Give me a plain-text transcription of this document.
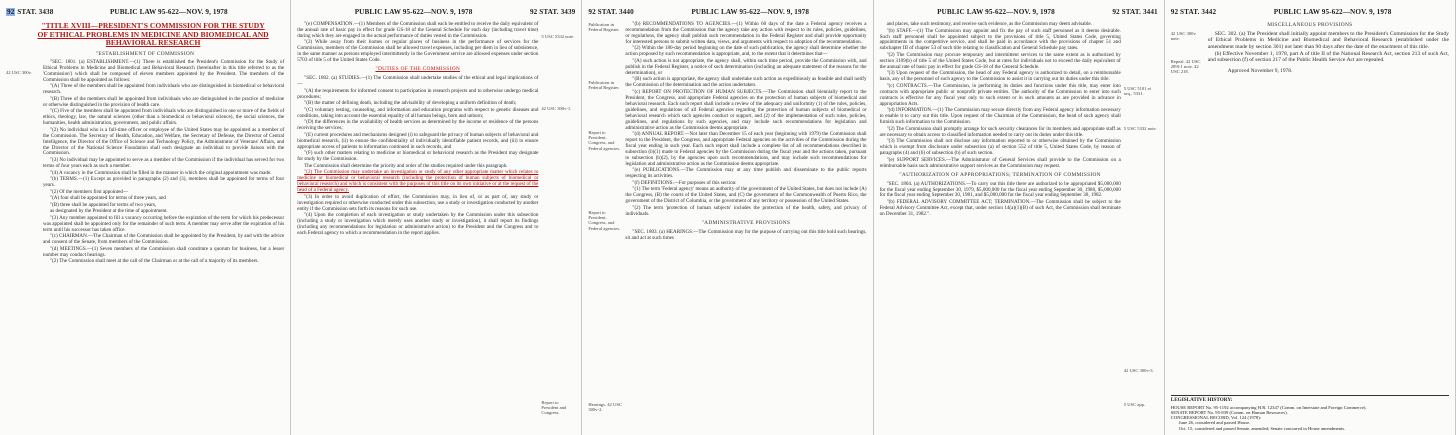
92 STAT. 3438	PUBLIC LAW 95-622—NOV. 9, 1978
"TITLE XVIII—PRESIDENT'S COMMISSION FOR THE STUDY OF ETHICAL PROBLEMS IN MEDICINE AND BIOMEDICAL AND BEHAVIORAL RESEARCH
"ESTABLISHMENT OF COMMISSION
42 USC 300v.

"SEC. 1801. (a) ESTABLISHMENT.—(1) There is established the President's Commission for the Study of Ethical Problems in Medicine and Biomedical and Behavioral Research (hereinafter in this title referred to as the 'Commission') which shall be composed of eleven members appointed by the President. The members of the Commission shall be appointed as follows:

"(A) Three of the members shall be appointed from individuals who are distinguished in biomedical or behavioral research.

"(B) Three of the members shall be appointed from individuals who are distinguished in the practice of medicine or otherwise distinguished in the provision of health care.

"(C) Five of the members shall be appointed from individuals who are distinguished in one or more of the fields of ethics, theology, law, the natural sciences (other than a biomedical or behavioral science), the social sciences, the humanities, health administration, government, and public affairs.

"(2) No individual who is a full-time officer or employee of the United States may be appointed as a member of the Commission. The Secretary of Health, Education, and Welfare, the Secretary of Defense, the Director of Central Intelligence, the Director of the Office of Science and Technology Policy, the Administrator of Veterans' Affairs, and the Director of the National Science Foundation shall each designate an individual to provide liaison with the Commission.

"(3) No individual may be appointed to serve as a member of the Commission if the individual has served for two terms of four years each as such a member.

"(4) A vacancy in the Commission shall be filled in the manner in which the original appointment was made.

"(b) TERMS.—(1) Except as provided in paragraphs (2) and (3), members shall be appointed for terms of four years.

"(2) Of the members first appointed—

"(A) four shall be appointed for terms of three years, and

"(B) three shall be appointed for terms of two years,

as designated by the President at the time of appointment.

"(3) Any member appointed to fill a vacancy occurring before the expiration of the term for which his predecessor was appointed shall be appointed only for the remainder of such term. A member may serve after the expiration of his term until his successor has taken office.

"(c) CHAIRMAN.—The Chairman of the Commission shall be appointed by the President, by and with the advice and consent of the Senate, from members of the Commission.

"(d) MEETINGS.—(1) Seven members of the Commission shall constitute a quorum for business, but a lesser number may conduct hearings.

"(2) The Commission shall meet at the call of the Chairman or at the call of a majority of its members.

PUBLIC LAW 95-622—NOV. 9, 1978	92 STAT. 3439

"(e) COMPENSATION.—(1) Members of the Commission shall each be entitled to receive the daily equivalent of the annual rate of basic pay in effect for grade GS-18 of the General Schedule for each day (including travel time) during which they are engaged in the actual performance of duties vested in the Commission.

"(2) While away from their homes or regular places of business in the performance of services for the Commission, members of the Commission shall be allowed travel expenses, including per diem in lieu of subsistence, in the same manner as persons employed intermittently in the Government service are allowed expenses under section 5703 of title 5 of the United States Code.

"DUTIES OF THE COMMISSION

"SEC. 1802. (a) STUDIES.—(1) The Commission shall undertake studies of the ethical and legal implications of—

"(A) the requirements for informed consent to participation in research projects and to otherwise undergo medical procedures;

"(B) the matter of defining death, including the advisability of developing a uniform definition of death;

"(C) voluntary testing, counseling, and information and education programs with respect to genetic diseases and conditions, taking into account the essential equality of all human beings, born and unborn;

"(D) the differences in the availability of health services as determined by the income or residence of the persons receiving the services;

"(E) current procedures and mechanisms designed (i) to safeguard the privacy of human subjects of behavioral and biomedical research, (ii) to ensure the confidentiality of individually identifiable patient records, and (iii) to ensure appropriate access of patients to information continued in such records, and

"(F) such other matters relating to medicine or biomedical or behavioral research as the President may designate for study by the Commission.

The Commission shall determine the priority and order of the studies required under this paragraph.

"(2) The Commission may undertake an investigation or study of any other appropriate matter which relates to medicine or biomedical or behavioral research (including the protection of human subjects of biomedical or behavioral research) and which is consistent with the purposes of this title on its own initiative or at the request of the head of a Federal agency.

"(3) In order to avoid duplication of effort, the Commission may, in lieu of, or as part of, any study or investigation required or otherwise conducted under this subsection, use a study or investigation conducted by another entity if the Commission sets forth its reasons for such use.

"(4) Upon the completion of each investigation or study undertaken by the Commission under this subsection (including a study or investigation which merely uses another study or investigation), it shall report its findings (including any recommendations for legislation or administrative action) to the President and the Congress and to each Federal agency to which a recommendation in the report applies.

5 USC 5332 note.
42 USC 300v-1.
Report to President and Congress.
92 STAT. 3440	PUBLIC LAW 95-622—NOV. 9, 1978
Publication in Federal Register.
Publication in Federal Register.
Report to President, Congress, and Federal agencies.
Report to President, Congress, and Federal agencies.
Hearings. 42 USC 300v-2.

"(b) RECOMMENDATIONS TO AGENCIES.—(1) Within 60 days of the date a Federal agency receives a recommendation from the Commission that the agency take any action with respect to its rules, policies, guidelines, or regulations, the agency shall publish such recommendation in the Federal Register and shall provide opportunity for interested persons to submit written data, views, and arguments with respect to adoption of the recommendation.

"(2) Within the 180-day period beginning on the date of such publication, the agency shall determine whether the action proposed by such recommendation is appropriate, and, to the extent that it determines that—

"(A) such action is not appropriate, the agency shall, within such time period, provide the Commission with, and publish in the Federal Register, a notice of such determination (including an adequate statement of the reasons for the determination), or

"(B) such action is appropriate, the agency shall undertake such action as expeditiously as feasible and shall notify the Commission of the determination and the action undertaken.

"(c) REPORT ON PROTECTION OF HUMAN SUBJECTS.—The Commission shall biennially report to the President, the Congress, and appropriate Federal agencies on the protection of human subjects of biomedical and behavioral research. Each such report shall include a review of the adequacy and uniformity (1) of the rules, policies, guidelines, and regulations of all Federal agencies regarding the protection of human subjects of biomedical or behavioral research which such agencies conduct or support, and (2) of the implementation of such rules, policies, guidelines, and regulations by such agencies, and may include such recommendations for legislation and administrative action as the Commission deems appropriate.

"(d) ANNUAL REPORT.—Not later than December 15 of each year (beginning with 1979) the Commission shall report to the President, the Congress, and appropriate Federal agencies on the activities of the Commission during the fiscal year ending in such year. Each such report shall include a complete list of all recommendations described in subsection (b)(1) made to Federal agencies by the Commission during the fiscal year and the actions taken, pursuant to subsection (b)(2), by the agencies upon such recommendations, and may include such recommendations for legislation and administrative action as the Commission deems appropriate.

"(e) PUBLICATIONS.—The Commission may at any time publish and disseminate to the public reports respecting its activities.

"(f) DEFINITIONS.—For purposes of this section:

"(1) The term 'Federal agency' means an authority of the government of the United States, but does not include (A) the Congress, (B) the courts of the United States, and (C) the government of the Commonwealth of Puerto Rico, the government of the District of Columbia, or the government of any territory or possession of the United States.

"(2) The term 'protection of human subjects' includes the protection of the health, safety, and privacy of individuals.

"ADMINISTRATIVE PROVISIONS

"SEC. 1803. (a) HEARINGS.—The Commission may for the purpose of carrying out this title hold such hearings, sit and act at such times

PUBLIC LAW 95-622—NOV. 9, 1978	92 STAT. 3441

and places, take such testimony, and receive such evidence, as the Commission may deem advisable.

"(b) STAFF.—(1) The Commission may appoint and fix the pay of such staff personnel as it deems desirable. Such staff personnel shall be appointed subject to the provisions of title 5, United States Code, governing appointments in the competitive service, and shall be paid in accordance with the provisions of chapter 51 and subchapter III of chapter 53 of such title relating to classification and General Schedule pay rates.

"(2) The Commission may procure temporary and intermittent services to the same extent as is authorized by section 3109(b) of title 5 of the United States Code, but at rates for individuals not to exceed the daily equivalent of the annual rate of basic pay in effect for grade GS-18 of the General Schedule.

"(3) Upon request of the Commission, the head of any Federal agency is authorized to detail, on a reimbursable basis, any of the personnel of such agency to the Commission to assist it in carrying out its duties under this title.

"(c) CONTRACTS.—The Commission, in performing its duties and functions under this title, may enter into contracts with appropriate public or nonprofit private entities. The authority of the Commission to enter into such contracts is effective for any fiscal year only to such extent or in such amounts as are provided in advance in appropriation Acts.

"(d) INFORMATION.—(1) The Commission may secure directly from any Federal agency information necessary to enable it to carry out this title. Upon request of the Chairman of the Commission, the head of such agency shall furnish such information to the Commission.

"(2) The Commission shall promptly arrange for such security clearances for its members and appropriate staff as are necessary to obtain access to classified information needed to carry out its duties under this title.

"(3) The Commission shall not disclose any information reported to or otherwise obtained by the Commission which is exempt from disclosure under subsection (a) of section 552 of title 5, United States Code, by reason of paragraphs (4) and (6) of subsection (b) of such section.

"(e) SUPPORT SERVICES.—The Administrator of General Services shall provide to the Commission on a reimbursable basis such administrative support services as the Commission may request.

"AUTHORIZATION OF APPROPRIATIONS; TERMINATION OF COMMISSION

"SEC. 1804. (a) AUTHORIZATIONS.—To carry out this title there are authorized to be appropriated $5,000,000 for the fiscal year ending September 30, 1979, $5,000,000 for the fiscal year ending September 30, 1980, $5,000,000 for the fiscal year ending September 30, 1981, and $5,000,000 for the fiscal year ending September 30, 1982.

"(b) FEDERAL ADVISORY COMMITTEE ACT; TERMINATION.—The Commission shall be subject to the Federal Advisory Committee Act, except that, under section 14(a)(1)(B) of such Act, the Commission shall terminate on December 31, 1982.".

5 USC 5101 et seq., 5331.
5 USC 5332 note.
42 USC 300v-3.
5 USC app.
92 STAT. 3442	PUBLIC LAW 95-622—NOV. 9, 1978
MISCELLANEOUS PROVISIONS
42 USC 300v note.
Repeal. 42 USC 289l-1 note. 42 USC 218.

SEC. 302. (a) The President shall initially appoint members to the President's Commission for the Study of Ethical Problems in Medicine and Biomedical and Behavioral Research (established under the amendment made by section 301) not later than 90 days after the date of the enactment of this title.

(b) Effective November 1, 1978, part A of title II of the National Research Act, section 213 of such Act, and subsection (f) of section 217 of the Public Health Service Act are repealed.

Approved November 9, 1978.
LEGISLATIVE HISTORY:

HOUSE REPORT No. 95-1192 accompanying H.R. 12347 (Comm. on Interstate and Foreign Commerce).

SENATE REPORT No. 95-839 (Comm. on Human Resources).

CONGRESSIONAL RECORD, Vol. 124 (1978):

June 26, considered and passed House.

Oct. 15, considered and passed Senate, amended; Senate concurred in House amendments.
